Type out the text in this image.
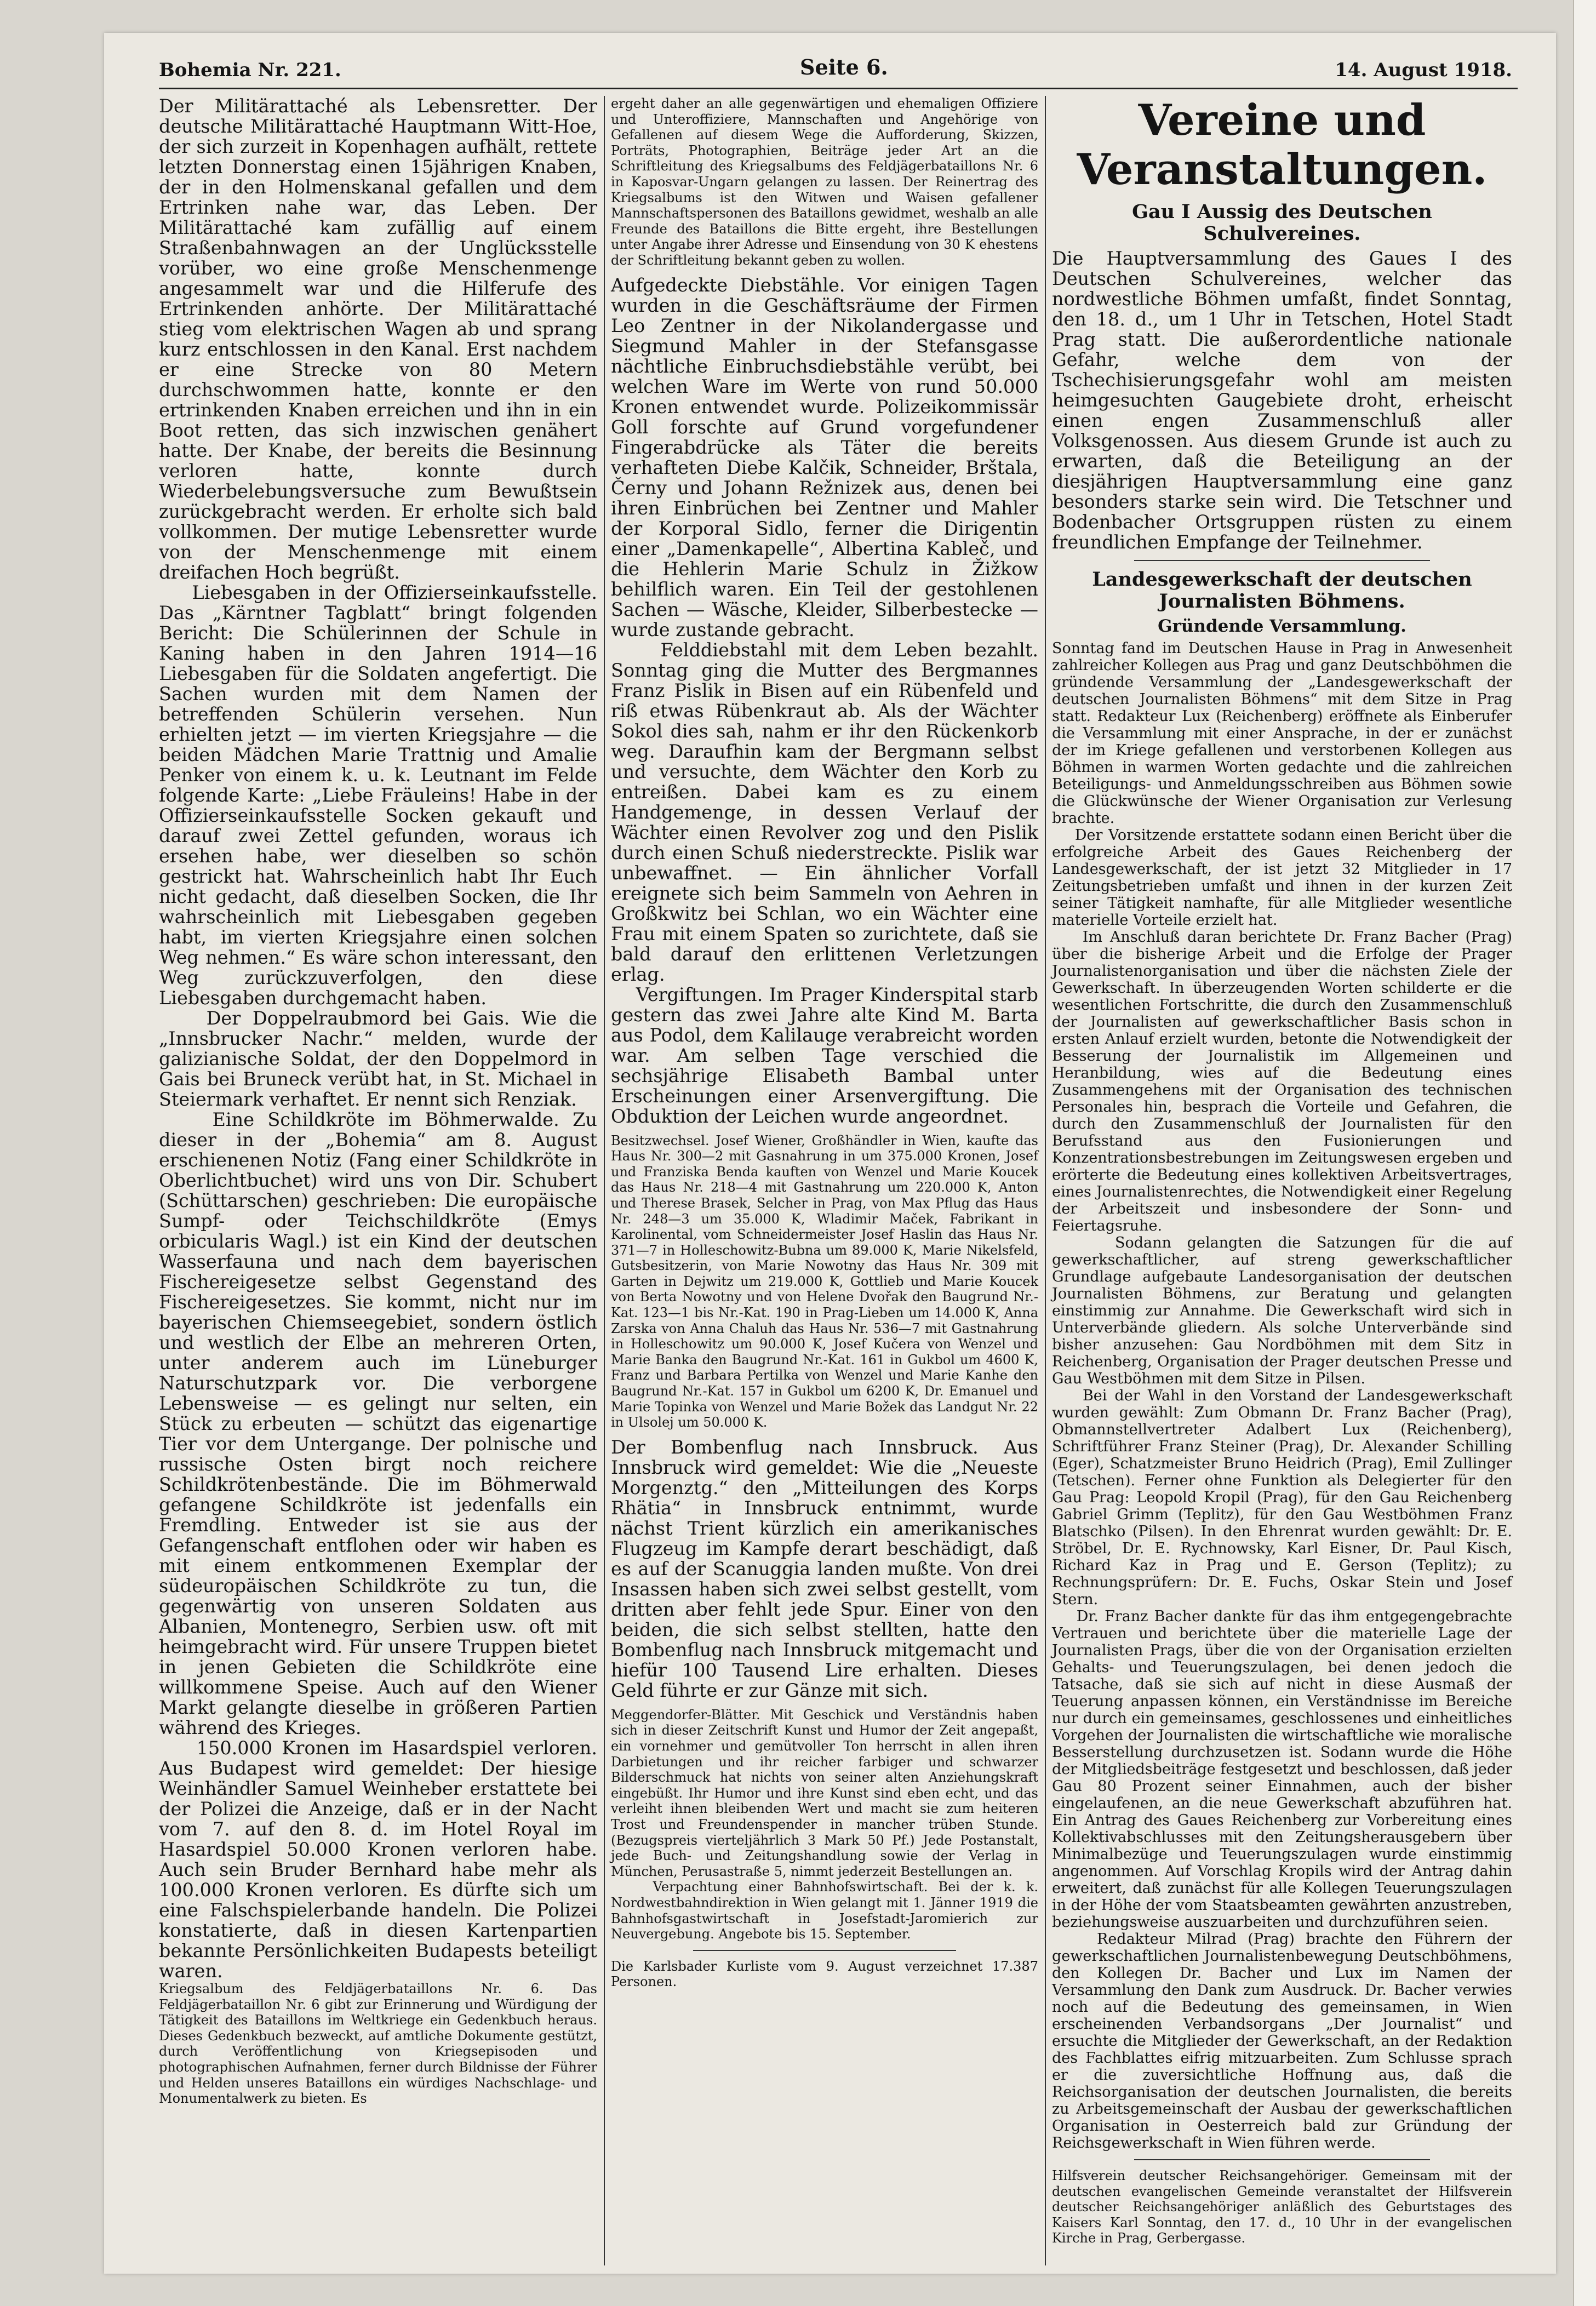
Bohemia Nr. 221.	Seite 6.	14. August 1918.

Der Militärattaché als Lebensretter. Der deutsche Militärattaché Hauptmann Witt-Hoe, der sich zurzeit in Kopenhagen aufhält, rettete letzten Donnerstag einen 15jährigen Knaben, der in den Holmenskanal gefallen und dem Ertrinken nahe war, das Leben. Der Militärattaché kam zufällig auf einem Straßenbahnwagen an der Unglücksstelle vorüber, wo eine große Menschenmenge angesammelt war und die Hilferufe des Ertrinkenden anhörte. Der Militärattaché stieg vom elektrischen Wagen ab und sprang kurz entschlossen in den Kanal. Erst nachdem er eine Strecke von 80 Metern durchschwommen hatte, konnte er den ertrinkenden Knaben erreichen und ihn in ein Boot retten, das sich inzwischen genähert hatte. Der Knabe, der bereits die Besinnung verloren hatte, konnte durch Wiederbelebungsversuche zum Bewußtsein zurückgebracht werden. Er erholte sich bald vollkommen. Der mutige Lebensretter wurde von der Menschenmenge mit einem dreifachen Hoch begrüßt.
Liebesgaben in der Offizierseinkaufsstelle. Das „Kärntner Tagblatt“ bringt folgenden Bericht: Die Schülerinnen der Schule in Kaning haben in den Jahren 1914—16 Liebesgaben für die Soldaten angefertigt. Die Sachen wurden mit dem Namen der betreffenden Schülerin versehen. Nun erhielten jetzt — im vierten Kriegsjahre — die beiden Mädchen Marie Trattnig und Amalie Penker von einem k. u. k. Leutnant im Felde folgende Karte: „Liebe Fräuleins! Habe in der Offizierseinkaufsstelle Socken gekauft und darauf zwei Zettel gefunden, woraus ich ersehen habe, wer dieselben so schön gestrickt hat. Wahrscheinlich habt Ihr Euch nicht gedacht, daß dieselben Socken, die Ihr wahrscheinlich mit Liebesgaben gegeben habt, im vierten Kriegsjahre einen solchen Weg nehmen.“ Es wäre schon interessant, den Weg zurückzuverfolgen, den diese Liebesgaben durchgemacht haben.
Der Doppelraubmord bei Gais. Wie die „Innsbrucker Nachr.“ melden, wurde der galizianische Soldat, der den Doppelmord in Gais bei Bruneck verübt hat, in St. Michael in Steiermark verhaftet. Er nennt sich Renziak.
Eine Schildkröte im Böhmerwalde. Zu dieser in der „Bohemia“ am 8. August erschienenen Notiz (Fang einer Schildkröte in Oberlichtbuchet) wird uns von Dir. Schubert (Schüttarschen) geschrieben: Die europäische Sumpf- oder Teichschildkröte (Emys orbicularis Wagl.) ist ein Kind der deutschen Wasserfauna und nach dem bayerischen Fischereigesetze selbst Gegenstand des Fischereigesetzes. Sie kommt, nicht nur im bayerischen Chiemseegebiet, sondern östlich und westlich der Elbe an mehreren Orten, unter anderem auch im Lüneburger Naturschutzpark vor. Die verborgene Lebensweise — es gelingt nur selten, ein Stück zu erbeuten — schützt das eigenartige Tier vor dem Untergange. Der polnische und russische Osten birgt noch reichere Schildkrötenbestände. Die im Böhmerwald gefangene Schildkröte ist jedenfalls ein Fremdling. Entweder ist sie aus der Gefangenschaft entflohen oder wir haben es mit einem entkommenen Exemplar der südeuropäischen Schildkröte zu tun, die gegenwärtig von unseren Soldaten aus Albanien, Montenegro, Serbien usw. oft mit heimgebracht wird. Für unsere Truppen bietet in jenen Gebieten die Schildkröte eine willkommene Speise. Auch auf den Wiener Markt gelangte dieselbe in größeren Partien während des Krieges.
150.000 Kronen im Hasardspiel verloren. Aus Budapest wird gemeldet: Der hiesige Weinhändler Samuel Weinheber erstattete bei der Polizei die Anzeige, daß er in der Nacht vom 7. auf den 8. d. im Hotel Royal im Hasardspiel 50.000 Kronen verloren habe. Auch sein Bruder Bernhard habe mehr als 100.000 Kronen verloren. Es dürfte sich um eine Falschspielerbande handeln. Die Polizei konstatierte, daß in diesen Kartenpartien bekannte Persönlichkeiten Budapests beteiligt waren.

Kriegsalbum des Feldjägerbataillons Nr. 6. Das Feldjägerbataillon Nr. 6 gibt zur Erinnerung und Würdigung der Tätigkeit des Bataillons im Weltkriege ein Gedenkbuch heraus. Dieses Gedenkbuch bezweckt, auf amtliche Dokumente gestützt, durch Veröffentlichung von Kriegsepisoden und photographischen Aufnahmen, ferner durch Bildnisse der Führer und Helden unseres Bataillons ein würdiges Nachschlage- und Monumentalwerk zu bieten. Es

ergeht daher an alle gegenwärtigen und ehemaligen Offiziere und Unteroffiziere, Mannschaften und Angehörige von Gefallenen auf diesem Wege die Aufforderung, Skizzen, Porträts, Photographien, Beiträge jeder Art an die Schriftleitung des Kriegsalbums des Feldjägerbataillons Nr. 6 in Kaposvar-Ungarn gelangen zu lassen. Der Reinertrag des Kriegsalbums ist den Witwen und Waisen gefallener Mannschaftspersonen des Bataillons gewidmet, weshalb an alle Freunde des Bataillons die Bitte ergeht, ihre Bestellungen unter Angabe ihrer Adresse und Einsendung von 30 K ehestens der Schriftleitung bekannt geben zu wollen.

Aufgedeckte Diebstähle. Vor einigen Tagen wurden in die Geschäftsräume der Firmen Leo Zentner in der Nikolandergasse und Siegmund Mahler in der Stefansgasse nächtliche Einbruchsdiebstähle verübt, bei welchen Ware im Werte von rund 50.000 Kronen entwendet wurde. Polizeikommissär Goll forschte auf Grund vorgefundener Fingerabdrücke als Täter die bereits verhafteten Diebe Kalčik, Schneider, Brštala, Černy und Johann Režnizek aus, denen bei ihren Einbrüchen bei Zentner und Mahler der Korporal Sidlo, ferner die Dirigentin einer „Damenkapelle“, Albertina Kableč, und die Hehlerin Marie Schulz in Žižkow behilflich waren. Ein Teil der gestohlenen Sachen — Wäsche, Kleider, Silberbestecke — wurde zustande gebracht.
Felddiebstahl mit dem Leben bezahlt. Sonntag ging die Mutter des Bergmannes Franz Pislik in Bisen auf ein Rübenfeld und riß etwas Rübenkraut ab. Als der Wächter Sokol dies sah, nahm er ihr den Rückenkorb weg. Daraufhin kam der Bergmann selbst und versuchte, dem Wächter den Korb zu entreißen. Dabei kam es zu einem Handgemenge, in dessen Verlauf der Wächter einen Revolver zog und den Pislik durch einen Schuß niederstreckte. Pislik war unbewaffnet. — Ein ähnlicher Vorfall ereignete sich beim Sammeln von Aehren in Großkwitz bei Schlan, wo ein Wächter eine Frau mit einem Spaten so zurichtete, daß sie bald darauf den erlittenen Verletzungen erlag.
Vergiftungen. Im Prager Kinderspital starb gestern das zwei Jahre alte Kind M. Barta aus Podol, dem Kalilauge verabreicht worden war. Am selben Tage verschied die sechsjährige Elisabeth Bambal unter Erscheinungen einer Arsenvergiftung. Die Obduktion der Leichen wurde angeordnet.

Besitzwechsel. Josef Wiener, Großhändler in Wien, kaufte das Haus Nr. 300—2 mit Gasnahrung in um 375.000 Kronen, Josef und Franziska Benda kauften von Wenzel und Marie Koucek das Haus Nr. 218—4 mit Gastnahrung um 220.000 K, Anton und Therese Brasek, Selcher in Prag, von Max Pflug das Haus Nr. 248—3 um 35.000 K, Wladimir Maček, Fabrikant in Karolinental, vom Schneidermeister Josef Haslin das Haus Nr. 371—7 in Holleschowitz-Bubna um 89.000 K, Marie Nikelsfeld, Gutsbesitzerin, von Marie Nowotny das Haus Nr. 309 mit Garten in Dejwitz um 219.000 K, Gottlieb und Marie Koucek von Berta Nowotny und von Helene Dvořak den Baugrund Nr.-Kat. 123—1 bis Nr.-Kat. 190 in Prag-Lieben um 14.000 K, Anna Zarska von Anna Chaluh das Haus Nr. 536—7 mit Gastnahrung in Holleschowitz um 90.000 K, Josef Kučera von Wenzel und Marie Banka den Baugrund Nr.-Kat. 161 in Gukbol um 4600 K, Franz und Barbara Pertilka von Wenzel und Marie Kanhe den Baugrund Nr.-Kat. 157 in Gukbol um 6200 K, Dr. Emanuel und Marie Topinka von Wenzel und Marie Božek das Landgut Nr. 22 in Ulsolej um 50.000 K.

Der Bombenflug nach Innsbruck. Aus Innsbruck wird gemeldet: Wie die „Neueste Morgenztg.“ den „Mitteilungen des Korps Rhätia“ in Innsbruck entnimmt, wurde nächst Trient kürzlich ein amerikanisches Flugzeug im Kampfe derart beschädigt, daß es auf der Scanuggia landen mußte. Von drei Insassen haben sich zwei selbst gestellt, vom dritten aber fehlt jede Spur. Einer von den beiden, die sich selbst stellten, hatte den Bombenflug nach Innsbruck mitgemacht und hiefür 100 Tausend Lire erhalten. Dieses Geld führte er zur Gänze mit sich.

Meggendorfer-Blätter. Mit Geschick und Verständnis haben sich in dieser Zeitschrift Kunst und Humor der Zeit angepaßt, ein vornehmer und gemütvoller Ton herrscht in allen ihren Darbietungen und ihr reicher farbiger und schwarzer Bilderschmuck hat nichts von seiner alten Anziehungskraft eingebüßt. Ihr Humor und ihre Kunst sind eben echt, und das verleiht ihnen bleibenden Wert und macht sie zum heiteren Trost und Freundenspender in mancher trüben Stunde. (Bezugspreis vierteljährlich 3 Mark 50 Pf.) Jede Postanstalt, jede Buch- und Zeitungshandlung sowie der Verlag in München, Perusastraße 5, nimmt jederzeit Bestellungen an.
Verpachtung einer Bahnhofswirtschaft. Bei der k. k. Nordwestbahndirektion in Wien gelangt mit 1. Jänner 1919 die Bahnhofsgastwirtschaft in Josefstadt-Jaromierich zur Neuvergebung. Angebote bis 15. September.

Die Karlsbader Kurliste vom 9. August verzeichnet 17.387 Personen.

Vereine und Veranstaltungen.

Gau I Aussig des Deutschen Schulvereines.

Die Hauptversammlung des Gaues I des Deutschen Schulvereines, welcher das nordwestliche Böhmen umfaßt, findet Sonntag, den 18. d., um 1 Uhr in Tetschen, Hotel Stadt Prag statt. Die außerordentliche nationale Gefahr, welche dem von der Tschechisierungsgefahr wohl am meisten heimgesuchten Gaugebiete droht, erheischt einen engen Zusammenschluß aller Volksgenossen. Aus diesem Grunde ist auch zu erwarten, daß die Beteiligung an der diesjährigen Hauptversammlung eine ganz besonders starke sein wird. Die Tetschner und Bodenbacher Ortsgruppen rüsten zu einem freundlichen Empfange der Teilnehmer.

Landesgewerkschaft der deutschen Journalisten Böhmens.

Gründende Versammlung.

Sonntag fand im Deutschen Hause in Prag in Anwesenheit zahlreicher Kollegen aus Prag und ganz Deutschböhmen die gründende Versammlung der „Landesgewerkschaft der deutschen Journalisten Böhmens“ mit dem Sitze in Prag statt. Redakteur Lux (Reichenberg) eröffnete als Einberufer die Versammlung mit einer Ansprache, in der er zunächst der im Kriege gefallenen und verstorbenen Kollegen aus Böhmen in warmen Worten gedachte und die zahlreichen Beteiligungs- und Anmeldungsschreiben aus Böhmen sowie die Glückwünsche der Wiener Organisation zur Verlesung brachte.
Der Vorsitzende erstattete sodann einen Bericht über die erfolgreiche Arbeit des Gaues Reichenberg der Landesgewerkschaft, der ist jetzt 32 Mitglieder in 17 Zeitungsbetrieben umfaßt und ihnen in der kurzen Zeit seiner Tätigkeit namhafte, für alle Mitglieder wesentliche materielle Vorteile erzielt hat.
Im Anschluß daran berichtete Dr. Franz Bacher (Prag) über die bisherige Arbeit und die Erfolge der Prager Journalistenorganisation und über die nächsten Ziele der Gewerkschaft. In überzeugenden Worten schilderte er die wesentlichen Fortschritte, die durch den Zusammenschluß der Journalisten auf gewerkschaftlicher Basis schon in ersten Anlauf erzielt wurden, betonte die Notwendigkeit der Besserung der Journalistik im Allgemeinen und Heranbildung, wies auf die Bedeutung eines Zusammengehens mit der Organisation des technischen Personales hin, besprach die Vorteile und Gefahren, die durch den Zusammenschluß der Journalisten für den Berufsstand aus den Fusionierungen und Konzentrationsbestrebungen im Zeitungswesen ergeben und erörterte die Bedeutung eines kollektiven Arbeitsvertrages, eines Journalistenrechtes, die Notwendigkeit einer Regelung der Arbeitszeit und insbesondere der Sonn- und Feiertagsruhe.
Sodann gelangten die Satzungen für die auf gewerkschaftlicher, auf streng gewerkschaftlicher Grundlage aufgebaute Landesorganisation der deutschen Journalisten Böhmens, zur Beratung und gelangten einstimmig zur Annahme. Die Gewerkschaft wird sich in Unterverbände gliedern. Als solche Unterverbände sind bisher anzusehen: Gau Nordböhmen mit dem Sitz in Reichenberg, Organisation der Prager deutschen Presse und Gau Westböhmen mit dem Sitze in Pilsen.
Bei der Wahl in den Vorstand der Landesgewerkschaft wurden gewählt: Zum Obmann Dr. Franz Bacher (Prag), Obmannstellvertreter Adalbert Lux (Reichenberg), Schriftführer Franz Steiner (Prag), Dr. Alexander Schilling (Eger), Schatzmeister Bruno Heidrich (Prag), Emil Zullinger (Tetschen). Ferner ohne Funktion als Delegierter für den Gau Prag: Leopold Kropil (Prag), für den Gau Reichenberg Gabriel Grimm (Teplitz), für den Gau Westböhmen Franz Blatschko (Pilsen). In den Ehrenrat wurden gewählt: Dr. E. Ströbel, Dr. E. Rychnowsky, Karl Eisner, Dr. Paul Kisch, Richard Kaz in Prag und E. Gerson (Teplitz); zu Rechnungsprüfern: Dr. E. Fuchs, Oskar Stein und Josef Stern.
Dr. Franz Bacher dankte für das ihm entgegengebrachte Vertrauen und berichtete über die materielle Lage der Journalisten Prags, über die von der Organisation erzielten Gehalts- und Teuerungszulagen, bei denen jedoch die Tatsache, daß sie sich auf nicht in diese Ausmaß der Teuerung anpassen können, ein Verständnisse im Bereiche nur durch ein gemeinsames, geschlossenes und einheitliches Vorgehen der Journalisten die wirtschaftliche wie moralische Besserstellung durchzusetzen ist. Sodann wurde die Höhe der Mitgliedsbeiträge festgesetzt und beschlossen, daß jeder Gau 80 Prozent seiner Einnahmen, auch der bisher eingelaufenen, an die neue Gewerkschaft abzuführen hat. Ein Antrag des Gaues Reichenberg zur Vorbereitung eines Kollektivabschlusses mit den Zeitungsherausgebern über Minimalbezüge und Teuerungszulagen wurde einstimmig angenommen. Auf Vorschlag Kropils wird der Antrag dahin erweitert, daß zunächst für alle Kollegen Teuerungszulagen in der Höhe der vom Staatsbeamten gewährten anzustreben, beziehungsweise auszuarbeiten und durchzuführen seien.
Redakteur Milrad (Prag) brachte den Führern der gewerkschaftlichen Journalistenbewegung Deutschböhmens, den Kollegen Dr. Bacher und Lux im Namen der Versammlung den Dank zum Ausdruck. Dr. Bacher verwies noch auf die Bedeutung des gemeinsamen, in Wien erscheinenden Verbandsorgans „Der Journalist“ und ersuchte die Mitglieder der Gewerkschaft, an der Redaktion des Fachblattes eifrig mitzuarbeiten. Zum Schlusse sprach er die zuversichtliche Hoffnung aus, daß die Reichsorganisation der deutschen Journalisten, die bereits zu Arbeitsgemeinschaft der Ausbau der gewerkschaftlichen Organisation in Oesterreich bald zur Gründung der Reichsgewerkschaft in Wien führen werde.

Hilfsverein deutscher Reichsangehöriger. Gemeinsam mit der deutschen evangelischen Gemeinde veranstaltet der Hilfsverein deutscher Reichsangehöriger anläßlich des Geburtstages des Kaisers Karl Sonntag, den 17. d., 10 Uhr in der evangelischen Kirche in Prag, Gerbergasse.
